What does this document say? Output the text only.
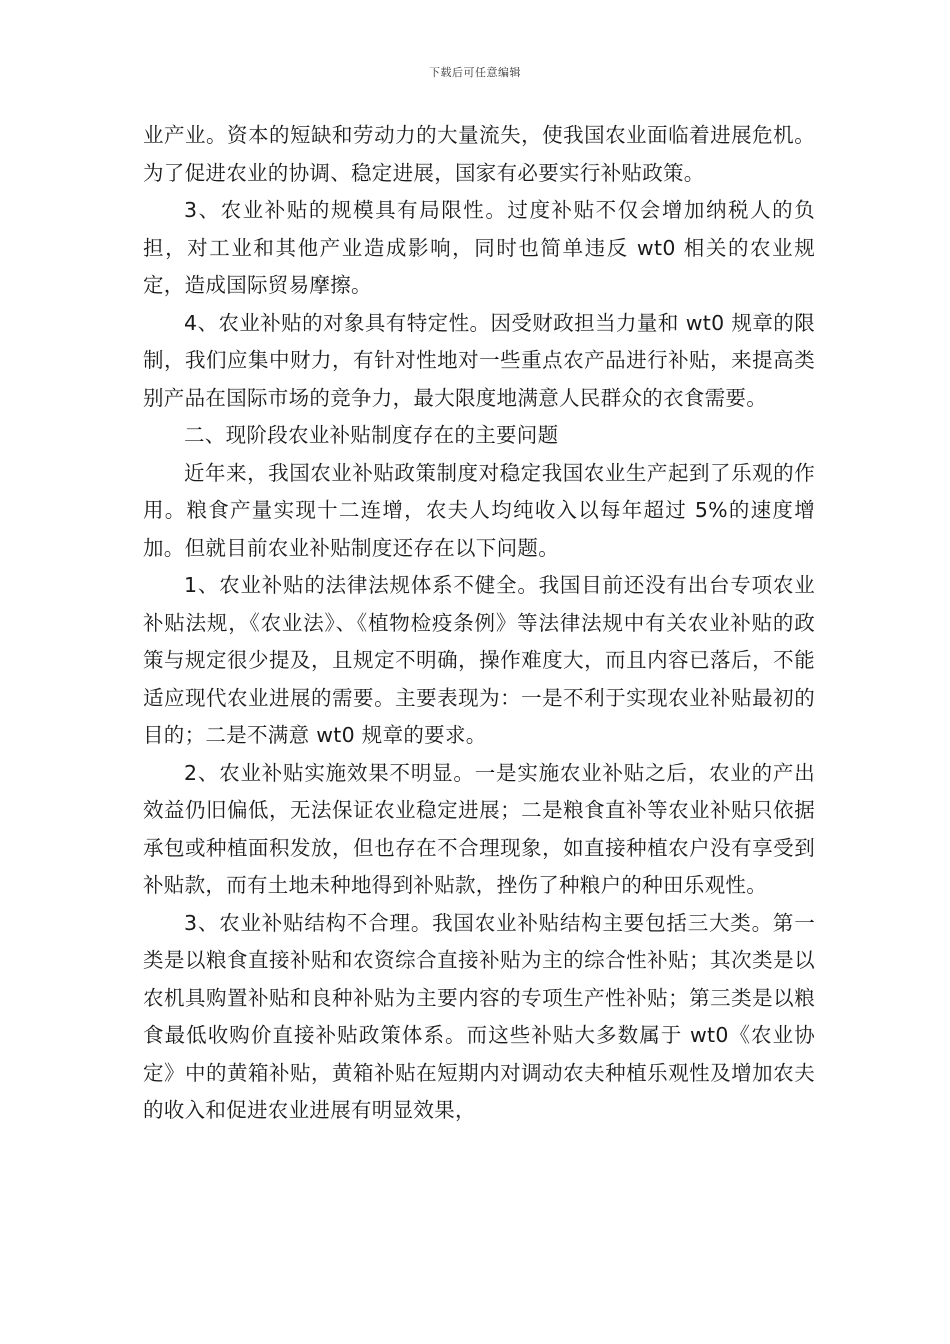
下载后可任意编辑

业产业。资本的短缺和劳动力的大量流失，使我国农业面临着进展危机。为了促进农业的协调、稳定进展，国家有必要实行补贴政策。

3、农业补贴的规模具有局限性。过度补贴不仅会增加纳税人的负担，对工业和其他产业造成影响，同时也简单违反 wt0 相关的农业规定，造成国际贸易摩擦。

4、农业补贴的对象具有特定性。因受财政担当力量和 wt0 规章的限制，我们应集中财力，有针对性地对一些重点农产品进行补贴，来提高类别产品在国际市场的竞争力，最大限度地满意人民群众的衣食需要。

二、现阶段农业补贴制度存在的主要问题

近年来，我国农业补贴政策制度对稳定我国农业生产起到了乐观的作用。粮食产量实现十二连增，农夫人均纯收入以每年超过 5%的速度增加。但就目前农业补贴制度还存在以下问题。

1、农业补贴的法律法规体系不健全。我国目前还没有出台专项农业补贴法规，《农业法》、《植物检疫条例》等法律法规中有关农业补贴的政策与规定很少提及，且规定不明确，操作难度大，而且内容已落后，不能适应现代农业进展的需要。主要表现为：一是不利于实现农业补贴最初的目的；二是不满意 wt0 规章的要求。

2、农业补贴实施效果不明显。一是实施农业补贴之后，农业的产出效益仍旧偏低，无法保证农业稳定进展；二是粮食直补等农业补贴只依据承包或种植面积发放，但也存在不合理现象，如直接种植农户没有享受到补贴款，而有土地未种地得到补贴款，挫伤了种粮户的种田乐观性。

3、农业补贴结构不合理。我国农业补贴结构主要包括三大类。第一类是以粮食直接补贴和农资综合直接补贴为主的综合性补贴；其次类是以农机具购置补贴和良种补贴为主要内容的专项生产性补贴；第三类是以粮食最低收购价直接补贴政策体系。而这些补贴大多数属于 wt0《农业协定》中的黄箱补贴，黄箱补贴在短期内对调动农夫种植乐观性及增加农夫的收入和促进农业进展有明显效果，
